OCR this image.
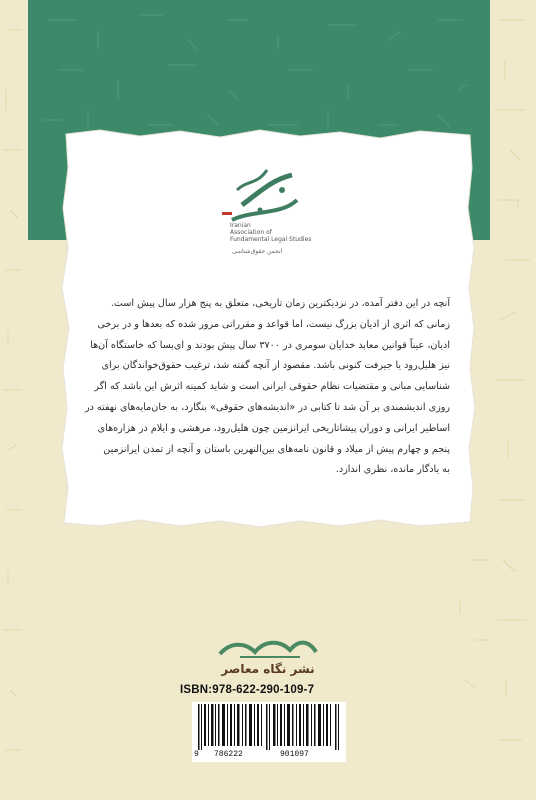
Iranian
Association of
Fundamental Legal Studies
انجمن حقوق‌شناسی

آنچه در این دفتر آمده، در نزدیکترین زمان تاریخی، متعلق به پنج هزار سال پیش است.

زمانی که اثری از ادیان بزرگ نیست، اما قواعد و مقرراتی مرور شده که بعدها و در برخی

ادیان، عیناً قوانین معابد خدایان سومری در ۳۷۰۰ سال پیش بودند و ای‌بسا که خاستگاه آن‌ها

نیز هلیل‌رود یا جیرفت کنونی باشد. مقصود از آنچه گفته شد، ترغیب حقوق‌خواندگان برای

شناسایی مبانی و مقتضیات نظام حقوقی ایرانی است و شاید کمینه اثرش این باشد که اگر

روزی اندیشمندی بر آن شد تا کتابی در «اندیشه‌های حقوقی» بنگارد، به جان‌مایه‌های نهفته در

اساطیر ایرانی و دوران پیشاتاریخی ایرانزمین چون هلیل‌رود، مرهشی و ایلام در هزاره‌های

پنجم و چهارم پیش از میلاد و قانون نامه‌های بین‌النهرین باستان و آنچه از تمدن ایرانزمین

به یادگار مانده، نظری اندازد.

نشر نگاه معاصر
ISBN:978-622-290-109-7
9 786222	901097
